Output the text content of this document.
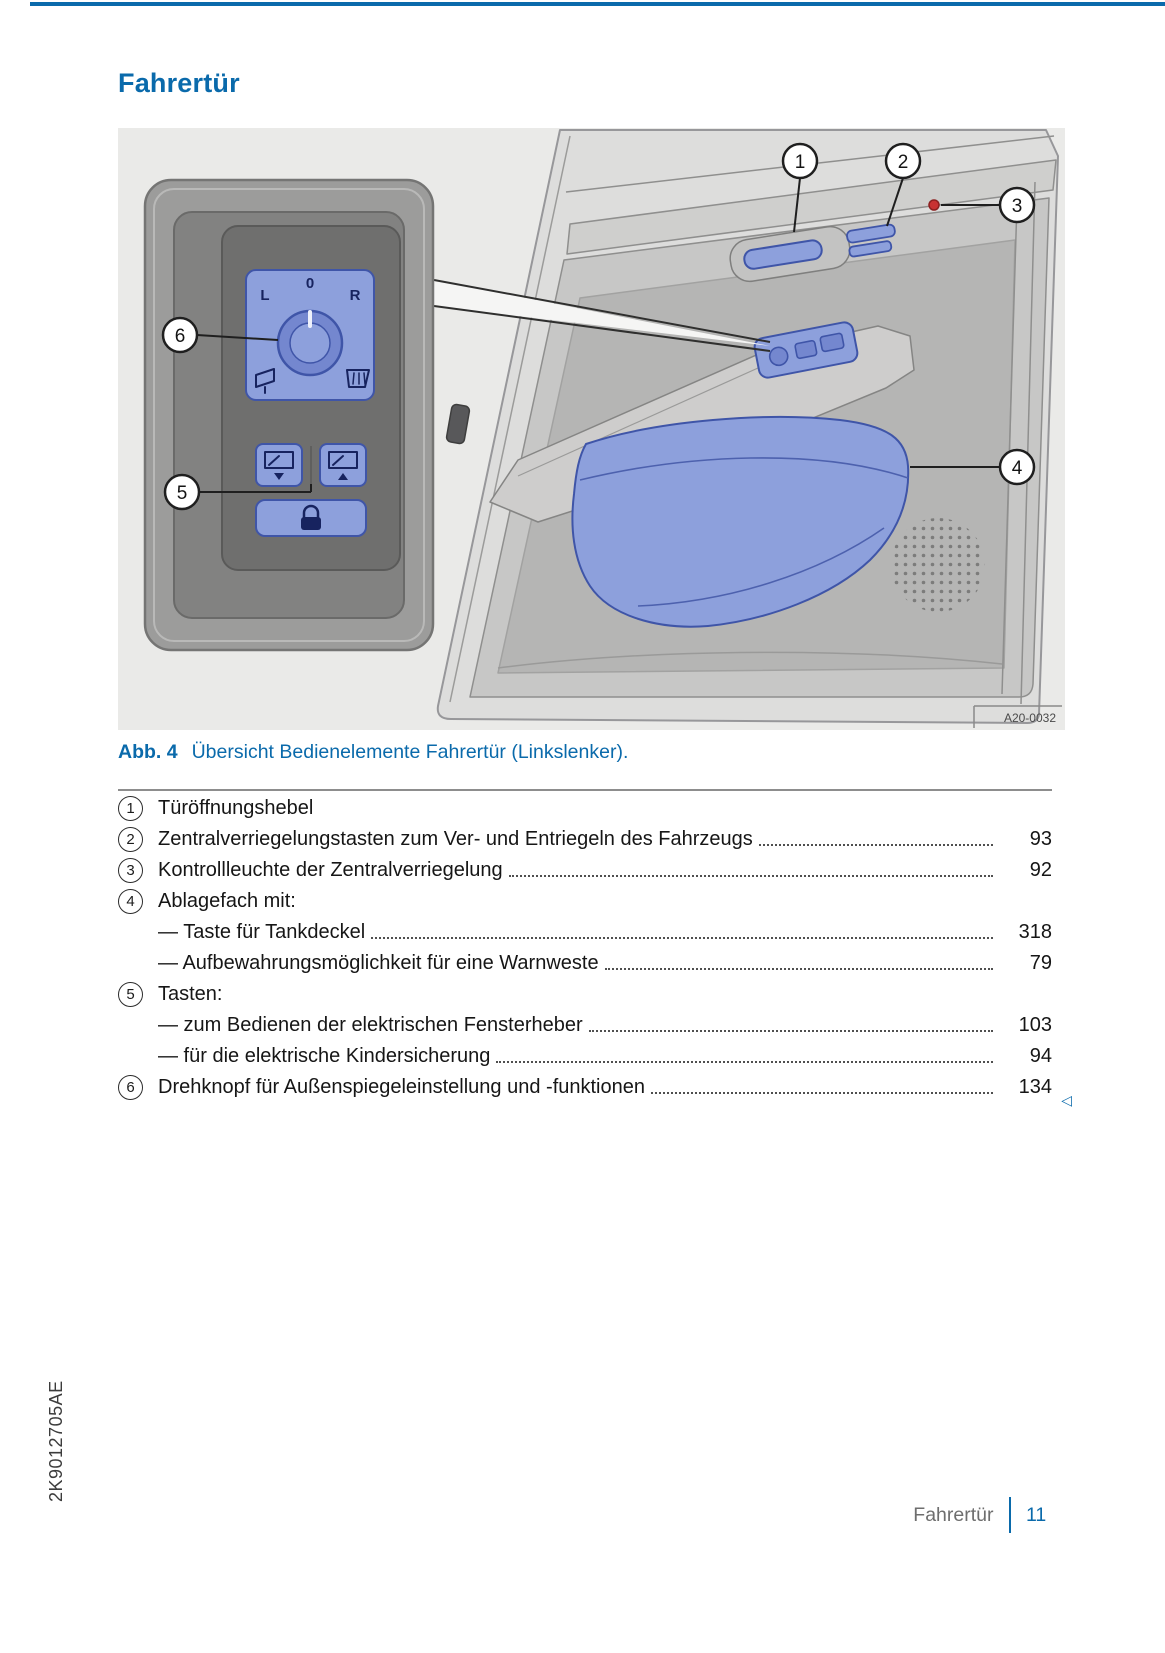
Fahrertür
L
0
R
1	2
3
4
5
6
A20-0032

Abb. 4 Übersicht Bedienelemente Fahrertür (Linkslenker).

1	Türöffnungshebel
2	Zentralverriegelungstasten zum Ver- und Entriegeln des Fahrzeugs	93
3	Kontrollleuchte der Zentralverriegelung	92
4	Ablagefach mit:
— Taste für Tankdeckel	318
— Aufbewahrungsmöglichkeit für eine Warnweste	79
5	Tasten:
— zum Bedienen der elektrischen Fensterheber	103
— für die elektrische Kindersicherung	94
6	Drehknopf für Außenspiegeleinstellung und -funktionen	134
◁
2K9012705AE
Fahrertür 11
